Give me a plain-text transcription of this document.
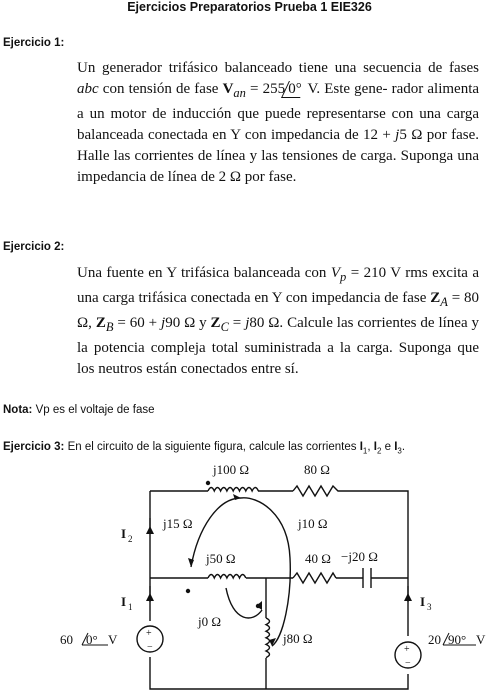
Ejercicios Preparatorios Prueba 1 EIE326
Ejercicio 1:
Un generador trifásico balanceado tiene una secuencia de fases abc con tensión de fase $V_{an} = 255$ 0° V. Este gene- rador alimenta a un motor de inducción que puede representarse con una carga balanceada conectada en Y con impedancia de 12 + j5 Ω por fase. Halle las corrientes de línea y las tensiones de carga. Suponga una impedancia de línea de 2 Ω por fase.
Ejercicio 2:
Una fuente en Y trifásica balanceada con $V_p = 210$ V rms excita a una carga trifásica conectada en Y con impedancia de fase $Z_A = 80$ Ω, $Z_B = 60 + j90$ Ω y $Z_C = j80$ Ω. Calcule las corrientes de línea y la potencia compleja total suministrada a la carga. Suponga que los neutros están conectados entre sí.
Nota: Vp es el voltaje de fase
Ejercicio 3: En el circuito de la siguiente figura, calcule las corrientes $I_1$, $I_2$ e $I_3$.
+
−	+
−
j100 Ω	80 Ω
j15 Ω	j10 Ω
j50 Ω	40 Ω −j20 Ω
j0 Ω
j80 Ω
I 2
I 1	I 3
60 0° V	20 90° V
